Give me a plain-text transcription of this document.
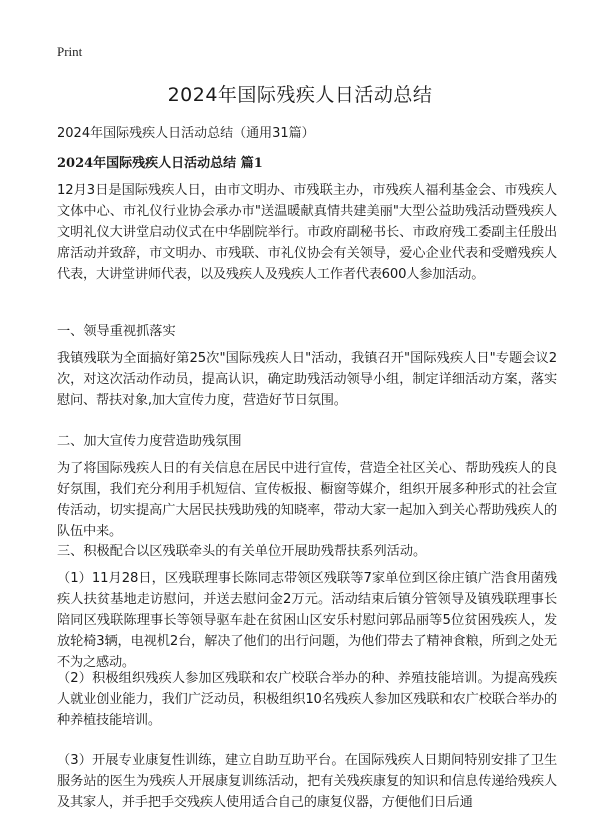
Print
2024年国际残疾人日活动总结

2024年国际残疾人日活动总结（通用31篇）

2024年国际残疾人日活动总结 篇1

12月3日是国际残疾人日，由市文明办、市残联主办，市残疾人福利基金会、市残疾人文体中心、市礼仪行业协会承办市"送温暖献真情共建美丽"大型公益助残活动暨残疾人文明礼仪大讲堂启动仪式在中华剧院举行。市政府副秘书长、市政府残工委副主任殷出席活动并致辞，市文明办、市残联、市礼仪协会有关领导，爱心企业代表和受赠残疾人代表，大讲堂讲师代表，以及残疾人及残疾人工作者代表600人参加活动。

一、领导重视抓落实

我镇残联为全面搞好第25次"国际残疾人日"活动，我镇召开"国际残疾人日"专题会议2次，对这次活动作动员，提高认识，确定助残活动领导小组，制定详细活动方案，落实慰问、帮扶对象,加大宣传力度，营造好节日氛围。

二、加大宣传力度营造助残氛围

为了将国际残疾人日的有关信息在居民中进行宣传，营造全社区关心、帮助残疾人的良好氛围，我们充分利用手机短信、宣传板报、橱窗等媒介，组织开展多种形式的社会宣传活动，切实提高广大居民扶残助残的知晓率，带动大家一起加入到关心帮助残疾人的队伍中来。

三、积极配合以区残联牵头的有关单位开展助残帮扶系列活动。

（1）11月28日，区残联理事长陈同志带领区残联等7家单位到区徐庄镇广浩食用菌残疾人扶贫基地走访慰问，并送去慰问金2万元。活动结束后镇分管领导及镇残联理事长陪同区残联陈理事长等领导驱车赴在贫困山区安乐村慰问郭品丽等5位贫困残疾人，发放轮椅3辆，电视机2台，解决了他们的出行问题，为他们带去了精神食粮，所到之处无不为之感动。

（2）积极组织残疾人参加区残联和农广校联合举办的种、养殖技能培训。为提高残疾人就业创业能力，我们广泛动员，积极组织10名残疾人参加区残联和农广校联合举办的种养植技能培训。

（3）开展专业康复性训练，建立自助互助平台。在国际残疾人日期间特别安排了卫生服务站的医生为残疾人开展康复训练活动，把有关残疾康复的知识和信息传递给残疾人及其家人，并手把手交残疾人使用适合自己的康复仪器，方便他们日后通
